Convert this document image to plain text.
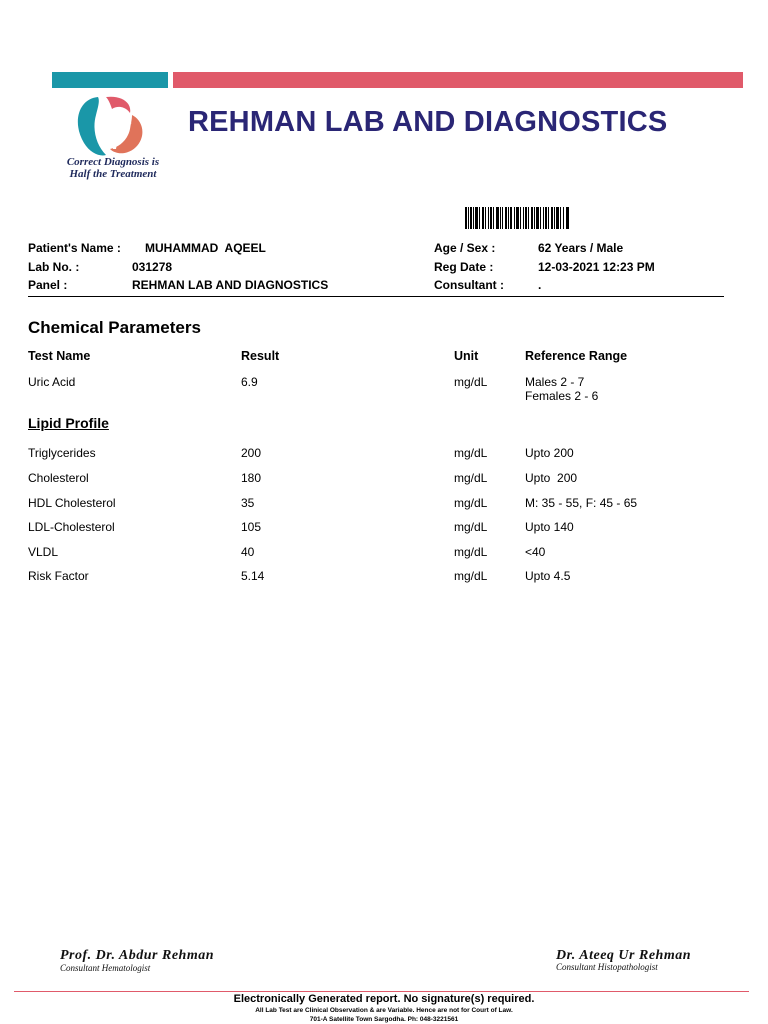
Correct Diagnosis is
Half the Treatment
REHMAN LAB AND DIAGNOSTICS
Patient's Name : MUHAMMAD  AQEEL
Lab No. :	031278
Panel :	REHMAN LAB AND DIAGNOSTICS
Age / Sex :	62 Years / Male
Reg Date :	12-03-2021 12:23 PM
Consultant :	.
Chemical Parameters
Test Name	Result	Unit	Reference Range
Uric Acid	6.9	mg/dL	Males 2 - 7
Females 2 - 6
Lipid Profile
Triglycerides	200	mg/dL	Upto 200
Cholesterol	180	mg/dL	Upto  200
HDL Cholesterol	35	mg/dL	M: 35 - 55, F: 45 - 65
LDL-Cholesterol	105	mg/dL	Upto 140
VLDL	40	mg/dL	<40
Risk Factor	5.14	mg/dL	Upto 4.5
Prof. Dr. Abdur Rehman
Consultant Hematologist
Dr. Ateeq Ur Rehman
Consultant Histopathologist
Electronically Generated report. No signature(s) required.
All Lab Test are Clinical Observation & are Variable. Hence are not for Court of Law.
701-A Satellite Town Sargodha. Ph: 048-3221561
